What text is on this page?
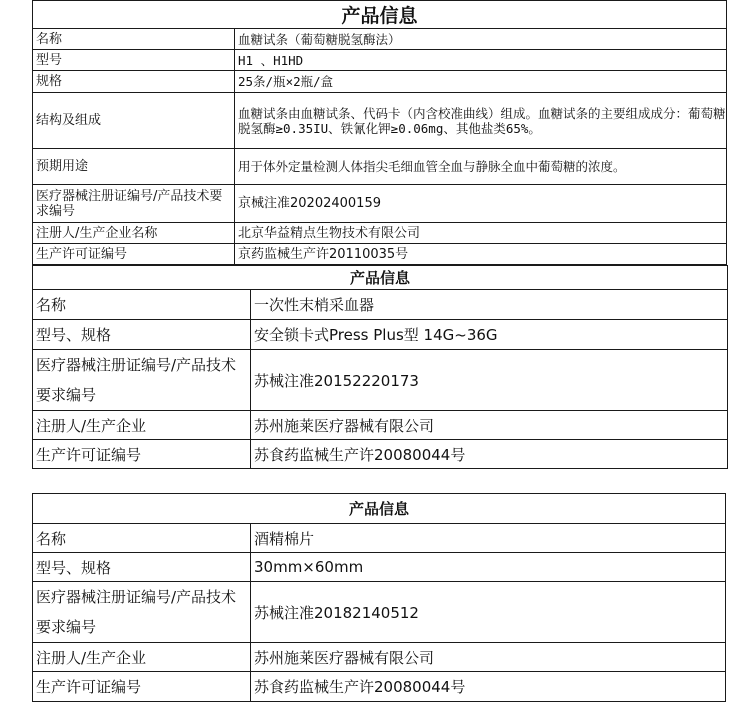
产品信息	
名称	血糖试条（葡萄糖脱氢酶法）
型号	H1 、H1HD
规格	25条/瓶×2瓶/盒
结构及组成	血糖试条由血糖试条、代码卡（内含校准曲线）组成。血糖试条的主要组成成分：葡萄糖脱氢酶≥0.35IU、铁氰化钾≥0.06mg、其他盐类65%。
预期用途	用于体外定量检测人体指尖毛细血管全血与静脉全血中葡萄糖的浓度。
医疗器械注册证编号/产品技术要求编号	京械注准20202400159
注册人/生产企业名称	北京华益精点生物技术有限公司
生产许可证编号	京药监械生产许20110035号
产品信息	
名称	一次性末梢采血器
型号、规格	安全锁卡式Press Plus型 14G~36G
医疗器械注册证编号/产品技术要求编号	苏械注准20152220173
注册人/生产企业	苏州施莱医疗器械有限公司
生产许可证编号	苏食药监械生产许20080044号
产品信息	
名称	酒精棉片
型号、规格	30mm×60mm
医疗器械注册证编号/产品技术要求编号	苏械注准20182140512
注册人/生产企业	苏州施莱医疗器械有限公司
生产许可证编号	苏食药监械生产许20080044号
